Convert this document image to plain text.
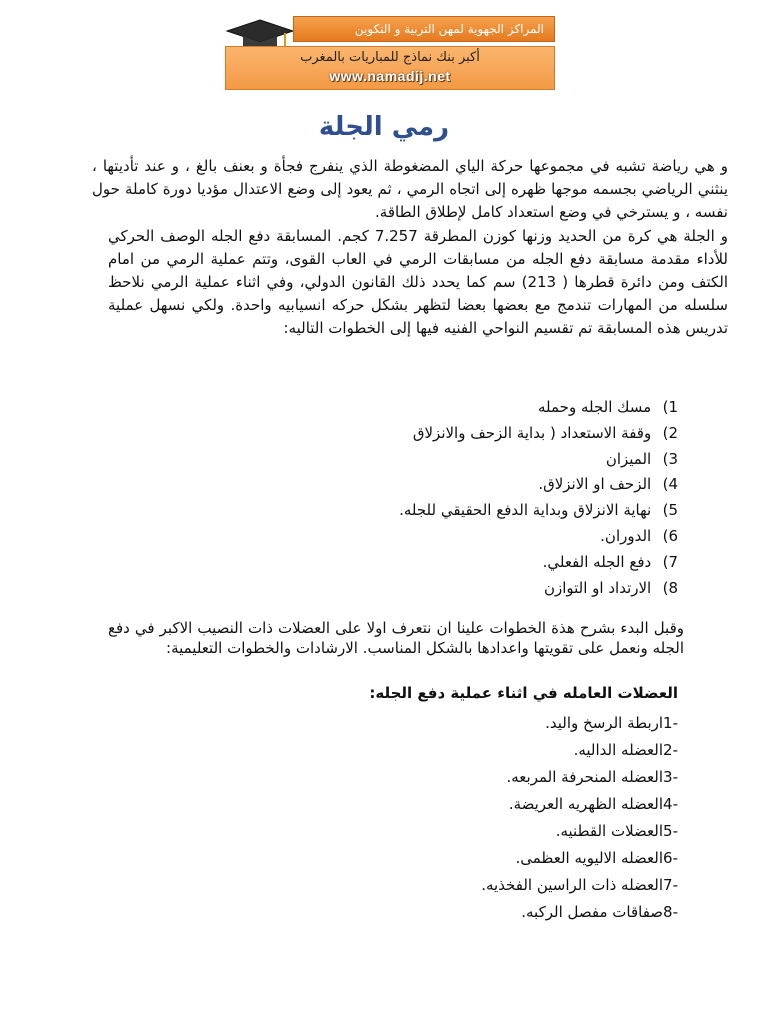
المراكز الجهوية لمهن التربية و التكوين
أكبر بنك نماذج للمباريات بالمغرب
www.namadij.net
رمي الجلة

و هي رياضة تشبه في مجموعها حركة الياي المضغوطة الذي ينفرج فجأة و بعنف بالغ ، و عند تأديتها ، ينثني الرياضي بجسمه موجها ظهره إلى اتجاه الرمي ، ثم يعود إلى وضع الاعتدال مؤديا دورة كاملة حول نفسه ، و يسترخي في وضع استعداد كامل لإطلاق الطاقة.

و الجلة هي كرة من الحديد وزنها كوزن المطرقة 7.257 كجم. المسابقة دفع الجله الوصف الحركي للأداء مقدمة مسابقة دفع الجله من مسابقات الرمي في العاب القوى، وتتم عملية الرمي من امام الكتف ومن دائرة قطرها ( 213) سم كما يحدد ذلك القانون الدولي، وفي اثناء عملية الرمي نلاحظ سلسله من المهارات تندمج مع بعضها بعضا لتظهر بشكل حركه انسيابيه واحدة. ولكي نسهل عملية تدريس هذه المسابقة تم تقسيم النواحي الفنيه فيها إلى الخطوات التاليه:

1) مسك الجله وحمله
2) وقفة الاستعداد ( بداية الزحف والانزلاق
3) الميزان
4) الزحف او الانزلاق.
5) نهاية الانزلاق وبداية الدفع الحقيقي للجله.
6) الدوران.
7) دفع الجله الفعلي.
8) الارتداد او التوازن

وقبل البدء بشرح هذة الخطوات علينا ان نتعرف اولا على العضلات ذات النصيب الاكبر في دفع الجله ونعمل على تقويتها واعدادها بالشكل المناسب. الارشادات والخطوات التعليمية:

العضلات العامله في اثناء عملية دفع الجله:
-1اربطة الرسخ واليد.
-2العضله الداليه.
-3العضله المنحرفة المربعه.
-4العضله الظهريه العريضة.
-5العضلات القطنيه.
-6العضله الاليويه العظمى.
-7العضله ذات الراسين الفخذيه.
-8صفاقات مفصل الركبه.
